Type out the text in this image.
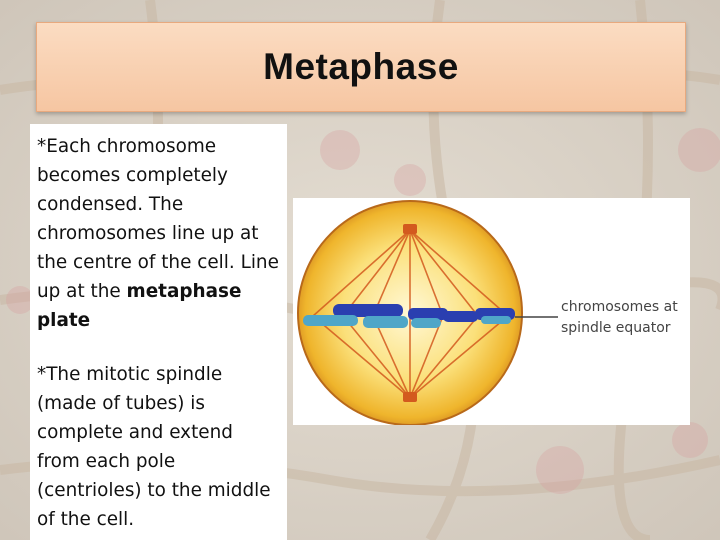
Metaphase
*Each chromosome becomes completely condensed. The chromosomes line up at the centre of the cell. Line up at the metaphase plate
*The mitotic spindle (made of tubes) is complete and extend from each pole (centrioles) to the middle of the cell.
chromosomes at
spindle equator
